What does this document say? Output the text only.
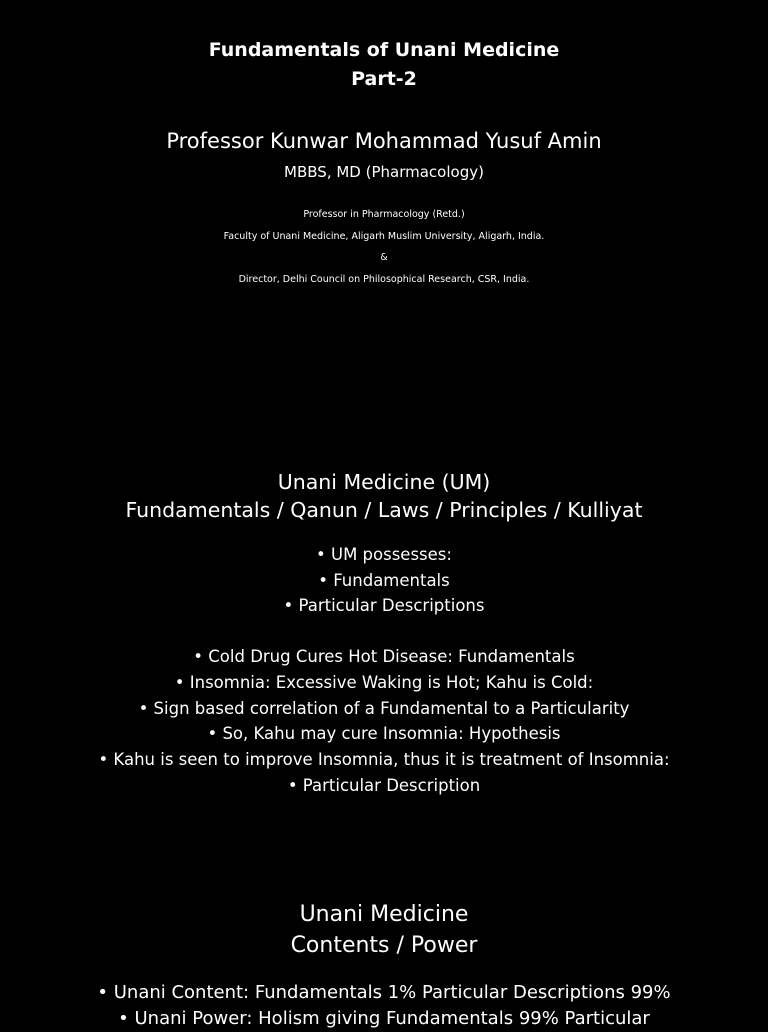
Fundamentals of Unani Medicine
Part-2
Professor Kunwar Mohammad Yusuf Amin
MBBS, MD (Pharmacology)
Professor in Pharmacology (Retd.)
Faculty of Unani Medicine, Aligarh Muslim University, Aligarh, India.
&
Director, Delhi Council on Philosophical Research, CSR, India.
Unani Medicine (UM)
Fundamentals / Qanun / Laws / Principles / Kulliyat
• UM possesses:
• Fundamentals
• Particular Descriptions
• Cold Drug Cures Hot Disease: Fundamentals
• Insomnia: Excessive Waking is Hot; Kahu is Cold:
• Sign based correlation of a Fundamental to a Particularity
• So, Kahu may cure Insomnia: Hypothesis
• Kahu is seen to improve Insomnia, thus it is treatment of Insomnia:
• Particular Description
Unani Medicine
Contents / Power
• Unani Content: Fundamentals 1% Particular Descriptions 99%
• Unani Power: Holism giving Fundamentals 99% Particular
